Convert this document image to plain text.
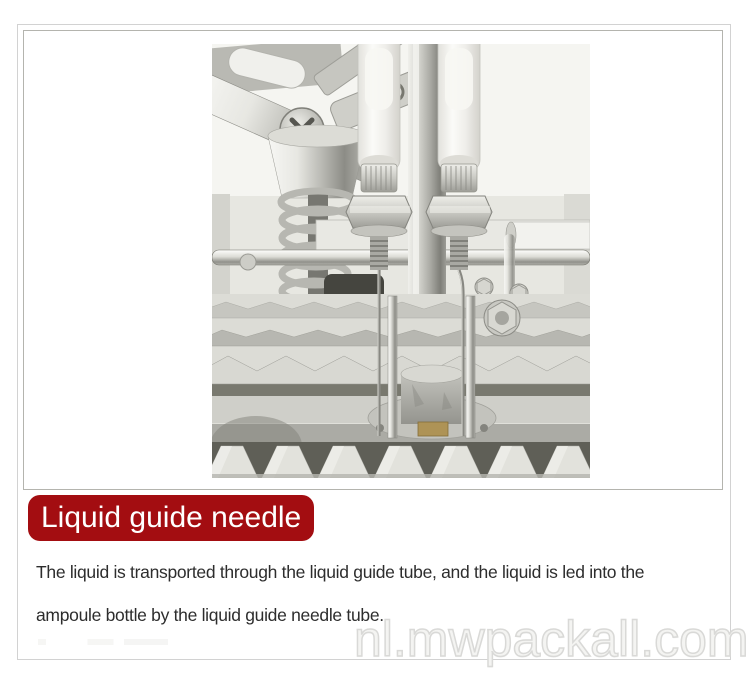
Liquid guide needle
The liquid is transported through the liquid guide tube, and the liquid is led into the
ampoule bottle by the liquid guide needle tube.
nl.mwpackall.com
